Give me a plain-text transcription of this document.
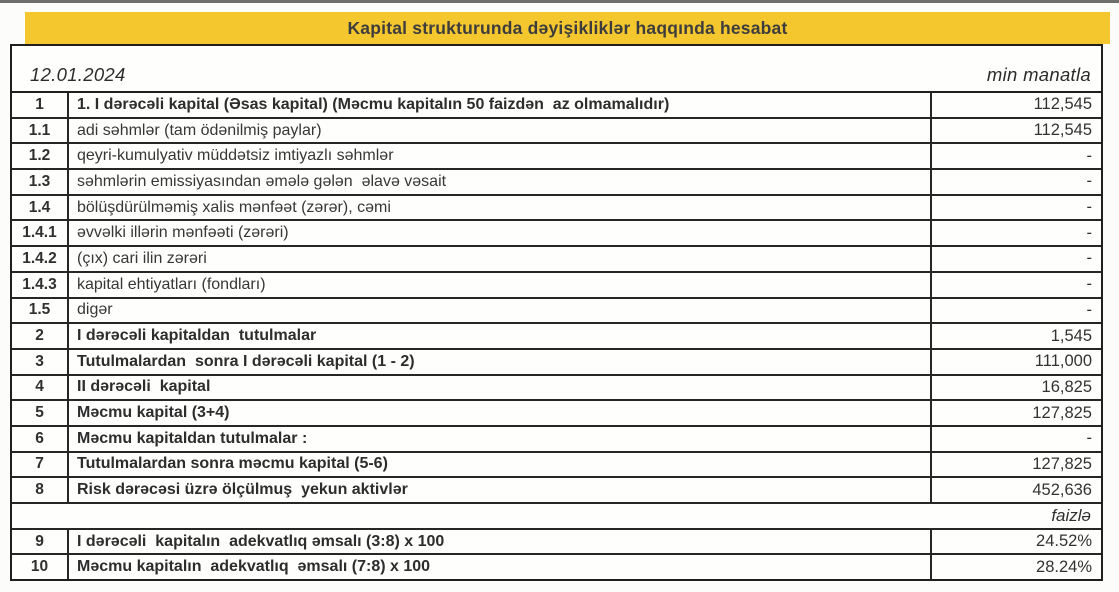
Kapital strukturunda dəyişikliklər haqqında hesabat
12.01.2024	min manatla
1	1. I dərəcəli kapital (Əsas kapital) (Məcmu kapitalın 50 faizdən  az olmamalıdır)	112,545
1.1	adi səhmlər (tam ödənilmiş paylar)	112,545
1.2	qeyri-kumulyativ müddətsiz imtiyazlı səhmlər	-
1.3	səhmlərin emissiyasından əmələ gələn  əlavə vəsait	-
1.4	bölüşdürülməmiş xalis mənfəət (zərər), cəmi	-
1.4.1	əvvəlki illərin mənfəəti (zərəri)	-
1.4.2	(çıx) cari ilin zərəri	-
1.4.3	kapital ehtiyatları (fondları)	-
1.5	digər	-
2	I dərəcəli kapitaldan  tutulmalar	1,545
3	Tutulmalardan  sonra I dərəcəli kapital (1 - 2)	111,000
4	II dərəcəli  kapital	16,825
5	Məcmu kapital (3+4)	127,825
6	Məcmu kapitaldan tutulmalar :	-
7	Tutulmalardan sonra məcmu kapital (5-6)	127,825
8	Risk dərəcəsi üzrə ölçülmuş  yekun aktivlər	452,636
faizlə
9	I dərəcəli  kapitalın  adekvatlıq əmsalı (3:8) x 100	24.52%
10	Məcmu kapitalın  adekvatlıq  əmsalı (7:8) x 100	28.24%
